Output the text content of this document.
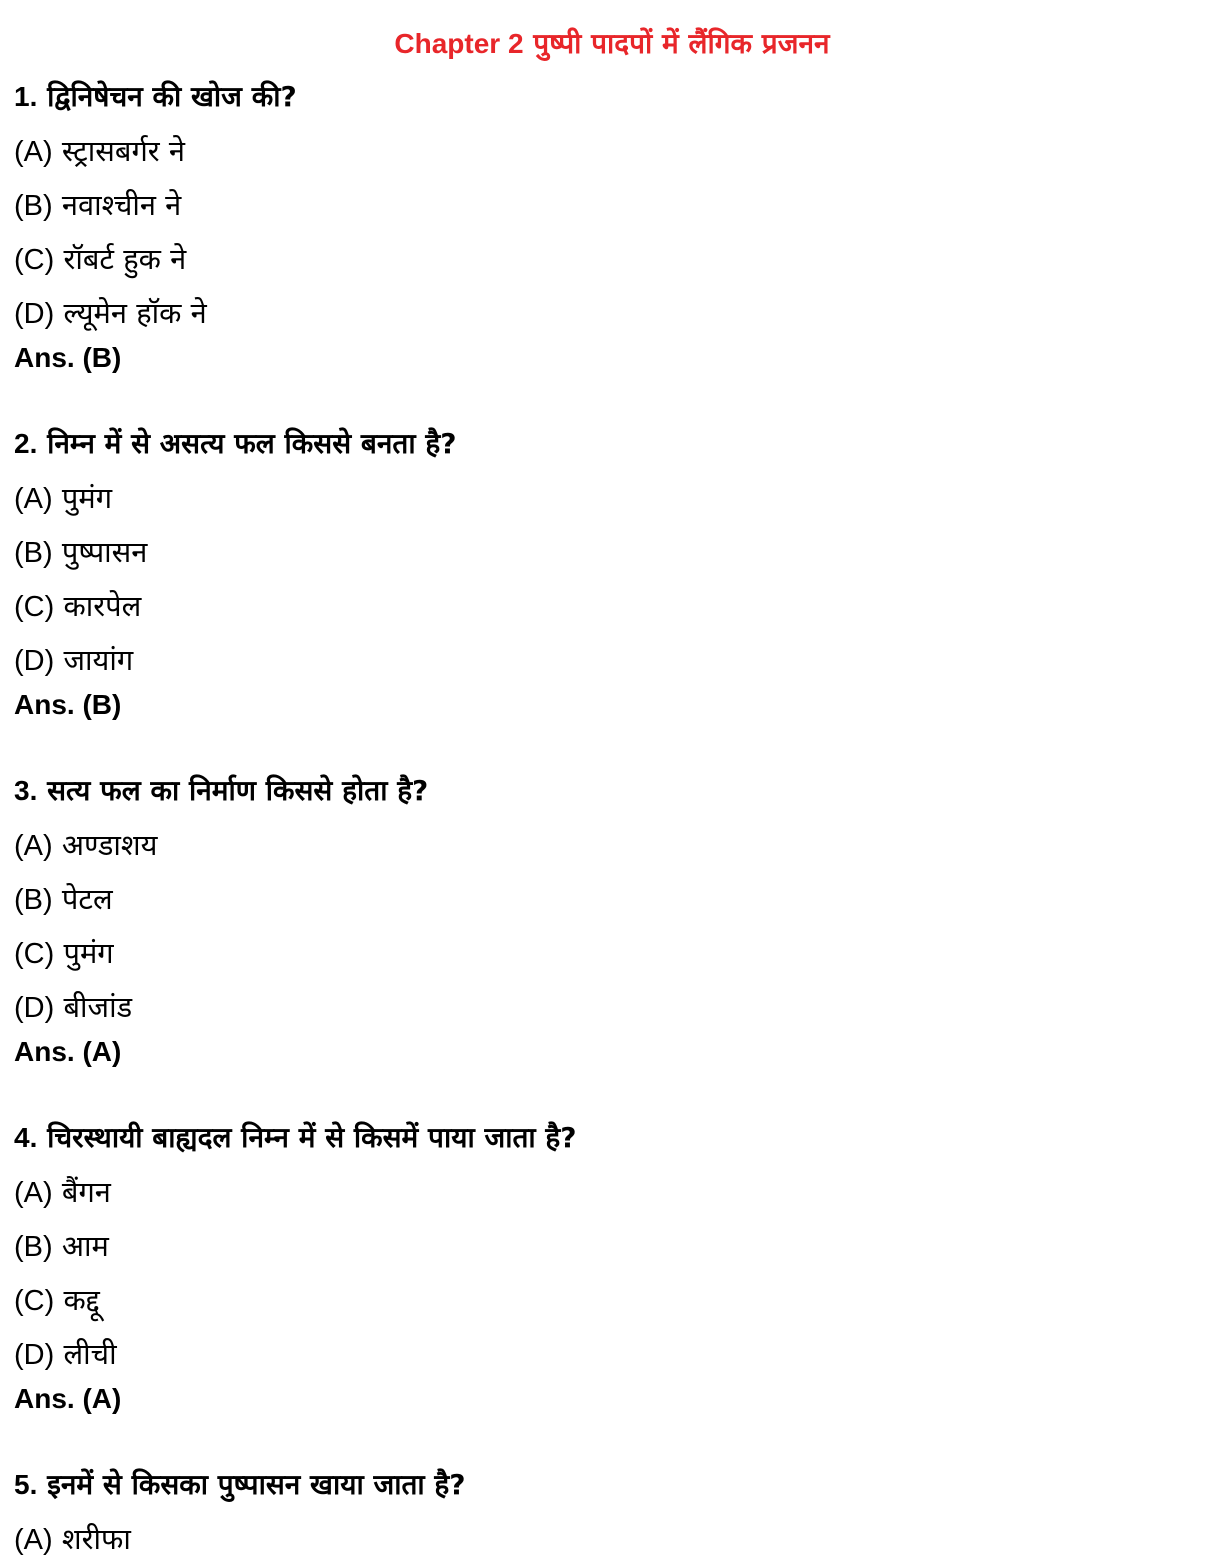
Chapter 2 पुष्पी पादपों में लैंगिक प्रजनन
1. द्विनिषेचन की खोज की?
(A) स्ट्रासबर्गर ने
(B) नवाश्चीन ने
(C) रॉबर्ट हुक ने
(D) ल्यूमेन हॉक ने
Ans. (B)
2. निम्न में से असत्य फल किससे बनता है?
(A) पुमंग
(B) पुष्पासन
(C) कारपेल
(D) जायांग
Ans. (B)
3. सत्य फल का निर्माण किससे होता है?
(A) अण्डाशय
(B) पेटल
(C) पुमंग
(D) बीजांड
Ans. (A)
4. चिरस्थायी बाह्यदल निम्न में से किसमें पाया जाता है?
(A) बैंगन
(B) आम
(C) कद्दू
(D) लीची
Ans. (A)
5. इनमें से किसका पुष्पासन खाया जाता है?
(A) शरीफा
